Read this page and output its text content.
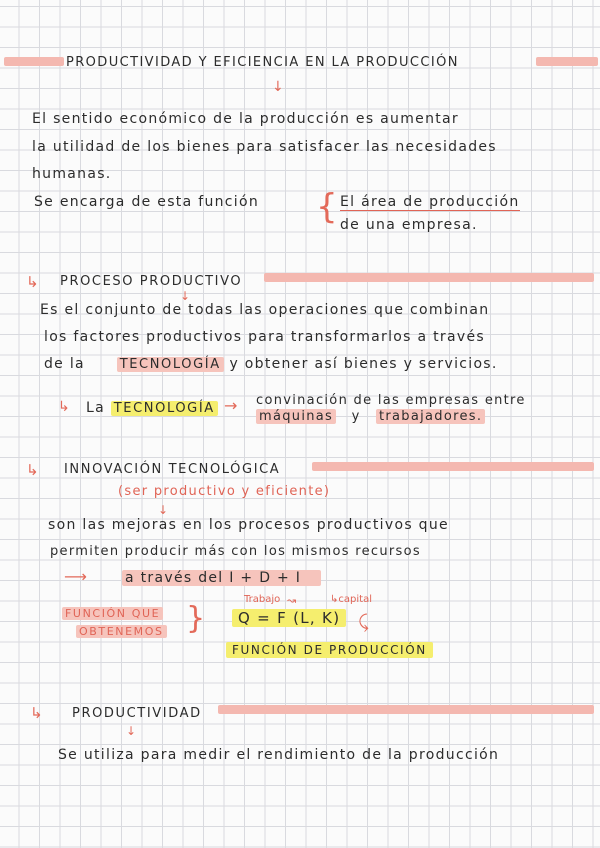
PRODUCTIVIDAD Y EFICIENCIA EN LA PRODUCCIÓN
↓
El sentido económico de la producción es aumentar
la utilidad de los bienes para satisfacer las necesidades
humanas.
Se encarga de esta función { El área de producción
de una empresa.
↳ PROCESO PRODUCTIVO
↓
Es el conjunto de todas las operaciones que combinan
los factores productivos para transformarlos a través
de la	TECNOLOGÍA y obtener así bienes y servicios.
↳ La TECNOLOGÍA → convinación de las empresas entre
máquinas y trabajadores.
↳ INNOVACIÓN TECNOLÓGICA
(ser productivo y eficiente)
↓
son las mejoras en los procesos productivos que
permiten producir más con los mismos recursos
⟶	a través del I + D + I
FUNCIÓN QUE
OBTENEMOS {
Trabajo ↝	↳capital
Q = F (L, K) ⤹
FUNCIÓN DE PRODUCCIÓN
↳ PRODUCTIVIDAD
↓
Se utiliza para medir el rendimiento de la producción
